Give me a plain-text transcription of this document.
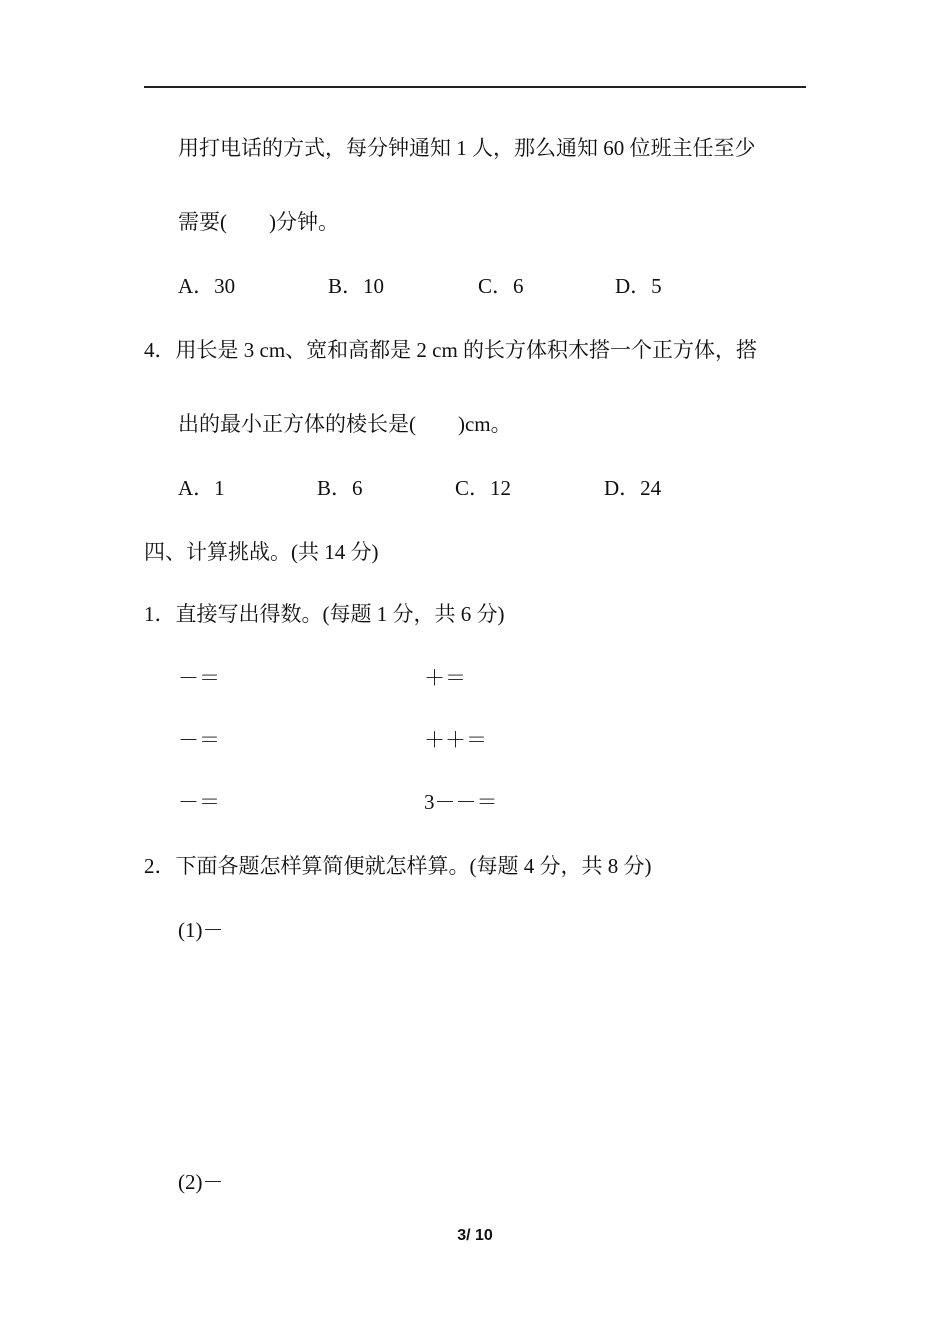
用打电话的方式，每分钟通知 1 人，那么通知 60 位班主任至少
需要(　　)分钟。
A．30	B．10	C．6	D．5
4．用长是 3 cm、宽和高都是 2 cm 的长方体积木搭一个正方体，搭
出的最小正方体的棱长是(　　)cm。
A．1	B．6	C．12	D．24
四、计算挑战。(共 14 分)
1．直接写出得数。(每题 1 分，共 6 分)
－＝	＋＝
－＝	＋＋＝
－＝	3－－＝
2．下面各题怎样算简便就怎样算。(每题 4 分，共 8 分)
(1)－
(2)－
3/ 10
